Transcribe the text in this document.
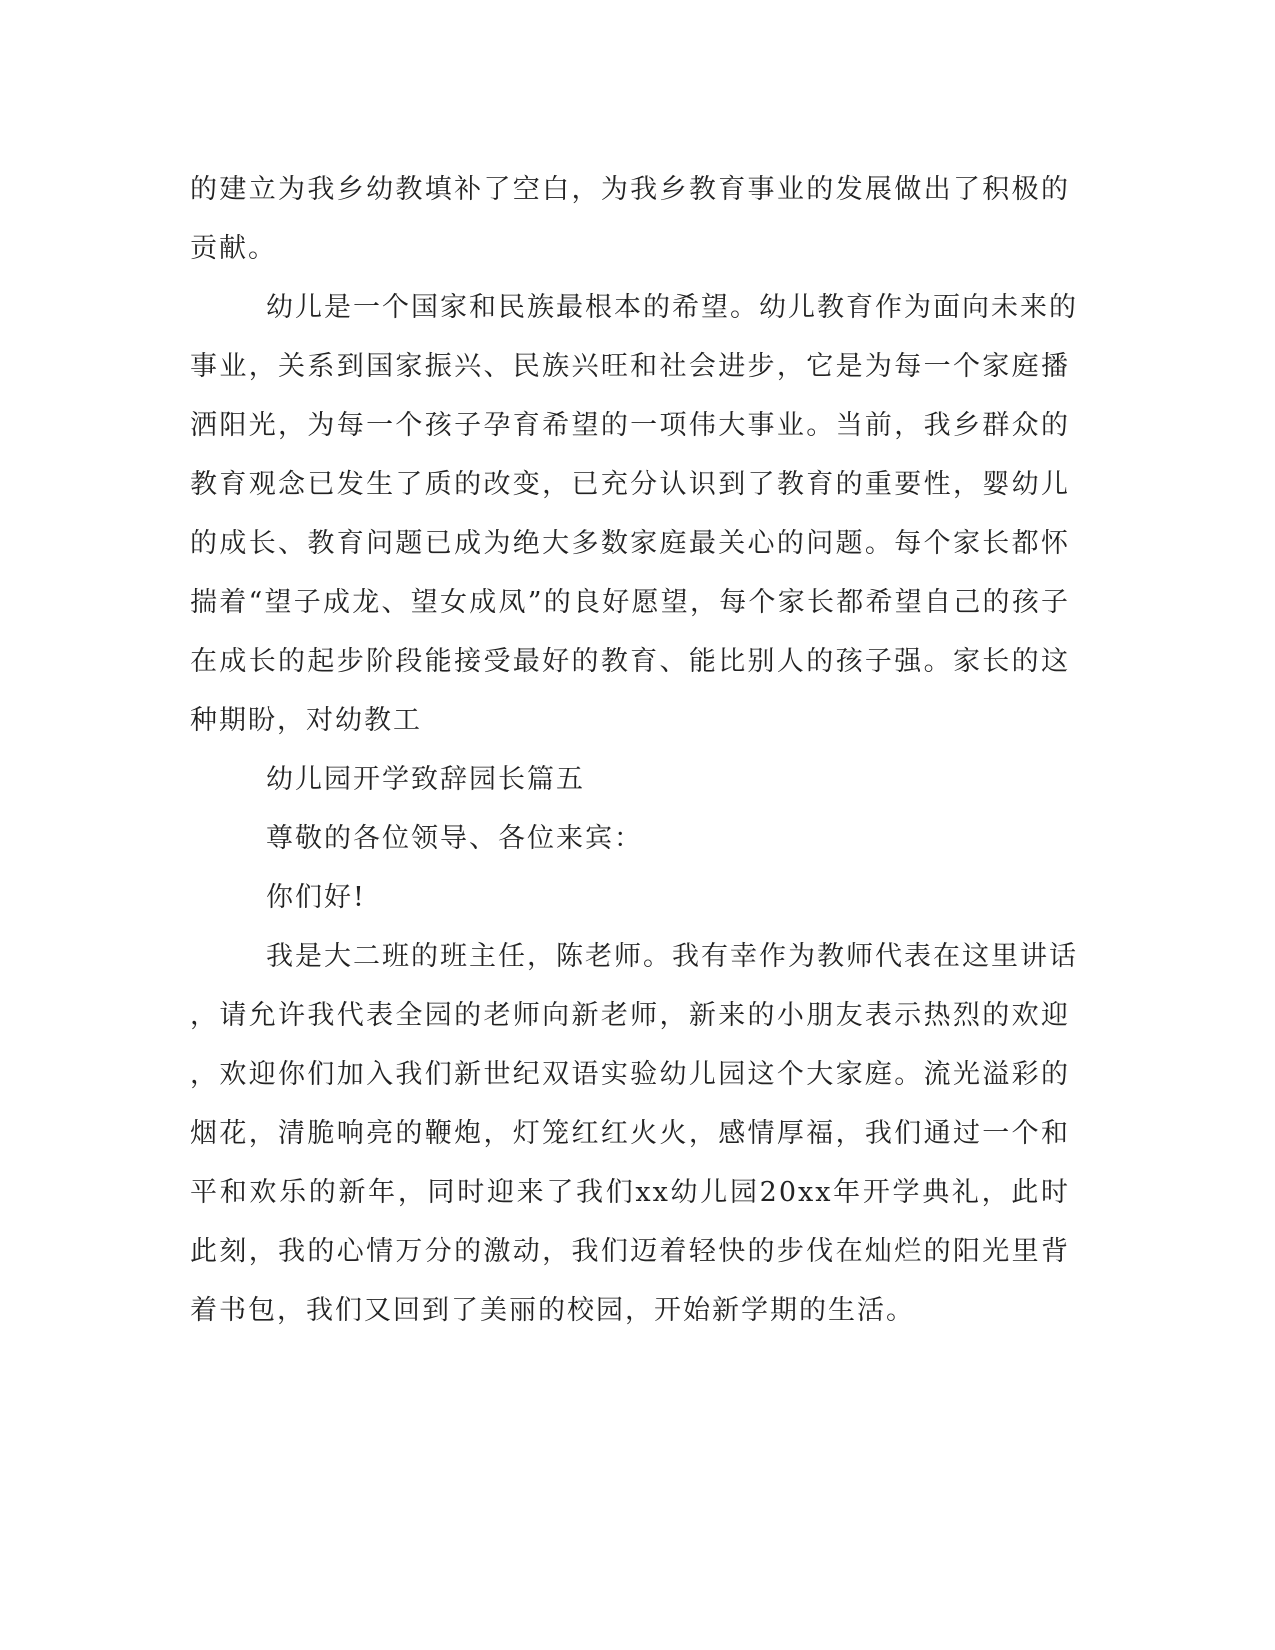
的建立为我乡幼教填补了空白，为我乡教育事业的发展做出了积极的
贡献。
幼儿是一个国家和民族最根本的希望。幼儿教育作为面向未来的
事业，关系到国家振兴、民族兴旺和社会进步，它是为每一个家庭播
洒阳光，为每一个孩子孕育希望的一项伟大事业。当前，我乡群众的
教育观念已发生了质的改变，已充分认识到了教育的重要性，婴幼儿
的成长、教育问题已成为绝大多数家庭最关心的问题。每个家长都怀
揣着“望子成龙、望女成凤”的良好愿望，每个家长都希望自己的孩子
在成长的起步阶段能接受最好的教育、能比别人的孩子强。家长的这
种期盼，对幼教工
幼儿园开学致辞园长篇五
尊敬的各位领导、各位来宾：
你们好!
我是大二班的班主任，陈老师。我有幸作为教师代表在这里讲话
，请允许我代表全园的老师向新老师，新来的小朋友表示热烈的欢迎
，欢迎你们加入我们新世纪双语实验幼儿园这个大家庭。流光溢彩的
烟花，清脆响亮的鞭炮，灯笼红红火火，感情厚福，我们通过一个和
平和欢乐的新年，同时迎来了我们xx幼儿园20xx年开学典礼，此时
此刻，我的心情万分的激动，我们迈着轻快的步伐在灿烂的阳光里背
着书包，我们又回到了美丽的校园，开始新学期的生活。
